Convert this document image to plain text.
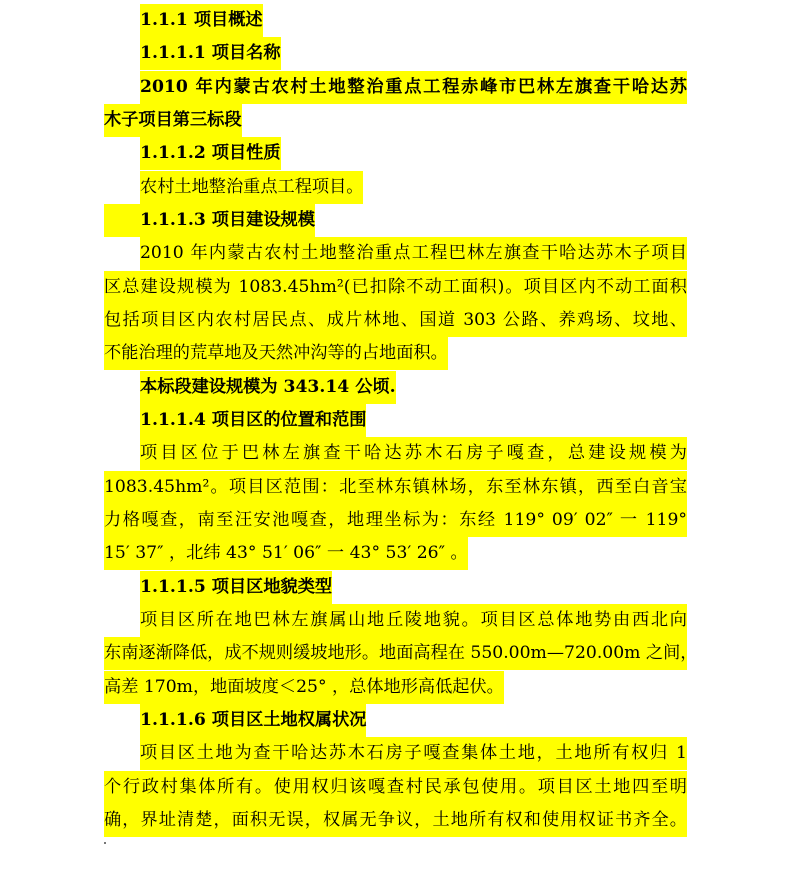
1.1.1 项目概述

1.1.1.1 项目名称

2010 年内蒙古农村土地整治重点工程赤峰市巴林左旗查干哈达苏

木子项目第三标段

1.1.1.2 项目性质

农村土地整治重点工程项目。

1.1.1.3 项目建设规模

2010 年内蒙古农村土地整治重点工程巴林左旗查干哈达苏木子项目

区总建设规模为 1083.45hm²(已扣除不动工面积)。项目区内不动工面积

包括项目区内农村居民点、成片林地、国道 303 公路、养鸡场、坟地、

不能治理的荒草地及天然冲沟等的占地面积。

本标段建设规模为 343.14 公顷.

1.1.1.4 项目区的位置和范围

项目区位于巴林左旗查干哈达苏木石房子嘎查，总建设规模为

1083.45hm²。项目区范围：北至林东镇林场，东至林东镇，西至白音宝

力格嘎查，南至汪安池嘎查，地理坐标为：东经 119° 09′ 02″ 一 119°

15′ 37″ ，北纬 43° 51′ 06″ 一 43° 53′ 26″ 。

1.1.1.5 项目区地貌类型

项目区所在地巴林左旗属山地丘陵地貌。项目区总体地势由西北向

东南逐渐降低，成不规则缓坡地形。地面高程在 550.00m—720.00m 之间，

高差 170m，地面坡度＜25° ，总体地形高低起伏。

1.1.1.6 项目区土地权属状况

项目区土地为查干哈达苏木石房子嘎查集体土地，土地所有权归 1

个行政村集体所有。使用权归该嘎查村民承包使用。项目区土地四至明

确，界址清楚，面积无误，权属无争议，土地所有权和使用权证书齐全。
